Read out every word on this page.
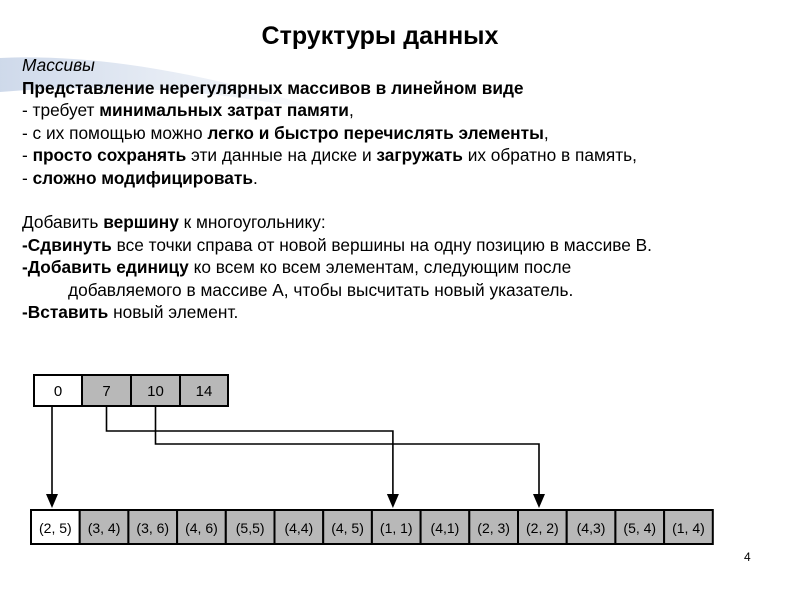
Структуры данных
Массивы
Представление нерегулярных массивов в линейном виде
- требует минимальных затрат памяти,
- с их помощью можно легко и быстро перечислять элементы,
- просто сохранять эти данные на диске и загружать их обратно в память,
- сложно модифицировать.
Добавить вершину к многоугольнику:
-Сдвинуть все точки справа от новой вершины на одну позицию в массиве В.
-Добавить единицу ко всем ко всем элементам, следующим после
добавляемого в массиве А, чтобы высчитать новый указатель.
-Вставить новый элемент.
0	7 10 14
(2, 5) (3, 4) (3, 6) (4, 6) (5,5) (4,4) (4, 5) (1, 1) (4,1) (2, 3) (2, 2) (4,3) (5, 4) (1, 4)
4
